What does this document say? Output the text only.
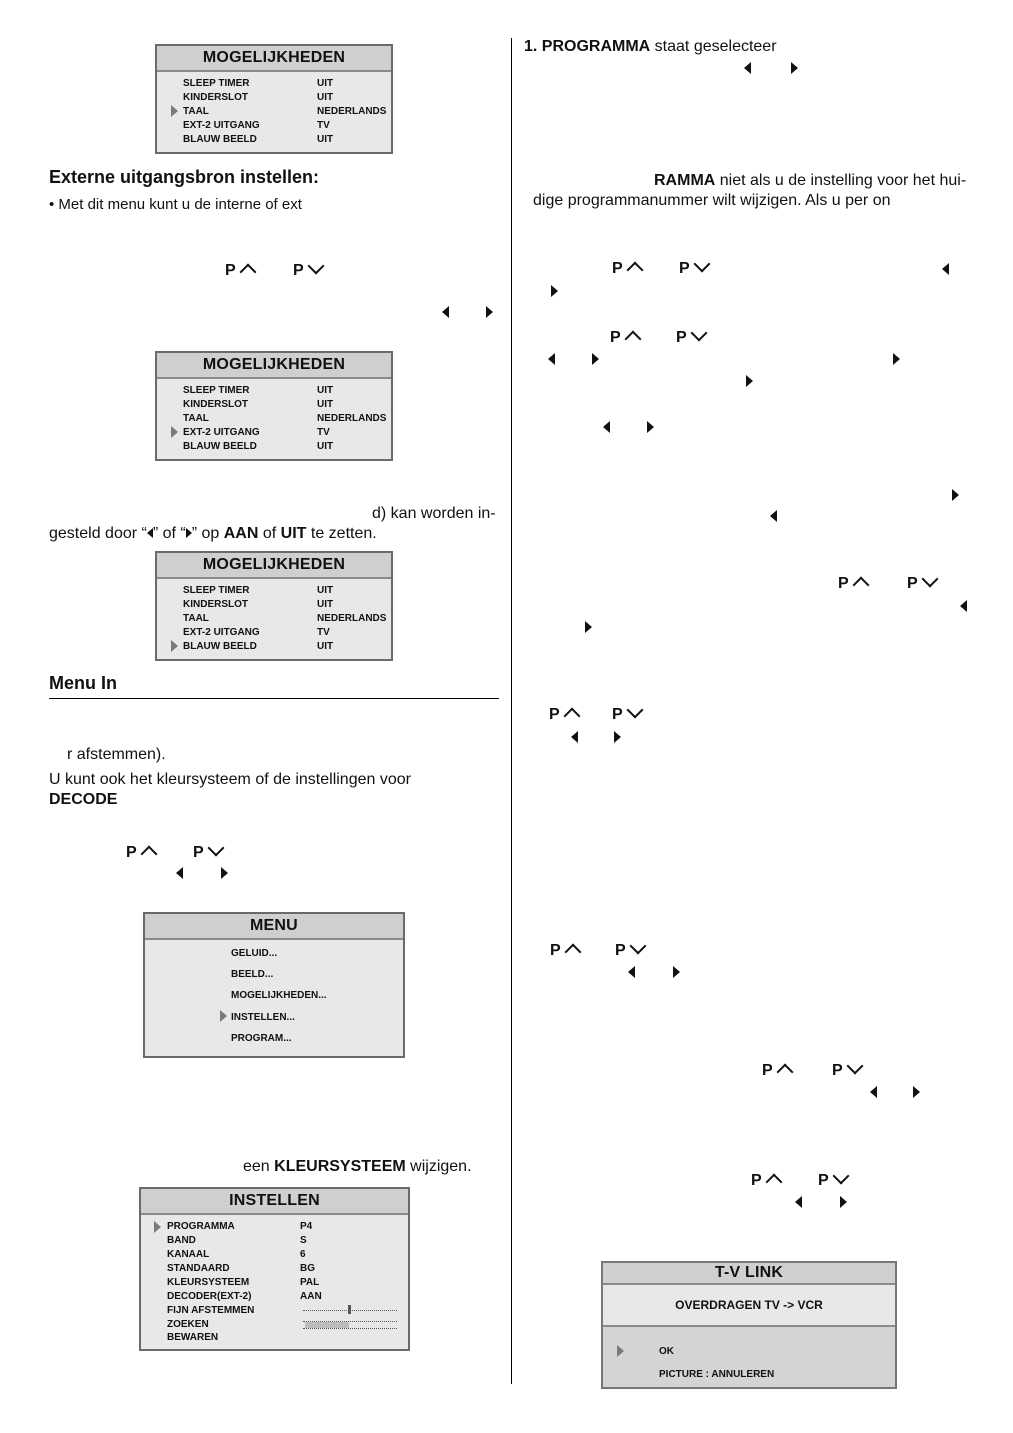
MOGELIJKHEDEN
SLEEP TIMER	UIT
KINDERSLOT	UIT
TAAL	NEDERLANDS
EXT-2 UITGANG	TV
BLAUW BEELD	UIT
Externe uitgangsbron instellen:
• Met dit menu kunt u de interne of ext
P	P
MOGELIJKHEDEN
SLEEP TIMER	UIT
KINDERSLOT	UIT
TAAL	NEDERLANDS
EXT-2 UITGANG	TV
BLAUW BEELD	UIT
d) kan worden in-
gesteld door “ ” of “ ” op AAN of UIT te zetten.
MOGELIJKHEDEN
SLEEP TIMER	UIT
KINDERSLOT	UIT
TAAL	NEDERLANDS
EXT-2 UITGANG	TV
BLAUW BEELD	UIT
Menu In
r afstemmen).
U kunt ook het kleursysteem of de instellingen voor
DECODE
P	P
MENU
GELUID...
BEELD...
MOGELIJKHEDEN...
INSTELLEN...
PROGRAM...
een KLEURSYSTEEM wijzigen.
INSTELLEN
PROGRAMMA	P4
BAND	S
KANAAL	6
STANDAARD	BG
KLEURSYSTEEM	PAL
DECODER(EXT-2)	AAN
FIJN AFSTEMMEN
ZOEKEN
BEWAREN
1. PROGRAMMA staat geselecteer
RAMMA niet als u de instelling voor het hui-
dige programmanummer wilt wijzigen. Als u per on
P	P
P	P
P	P
P	P
P	P
P	P
P	P
T-V LINK
OVERDRAGEN TV -> VCR
OK
PICTURE : ANNULEREN
